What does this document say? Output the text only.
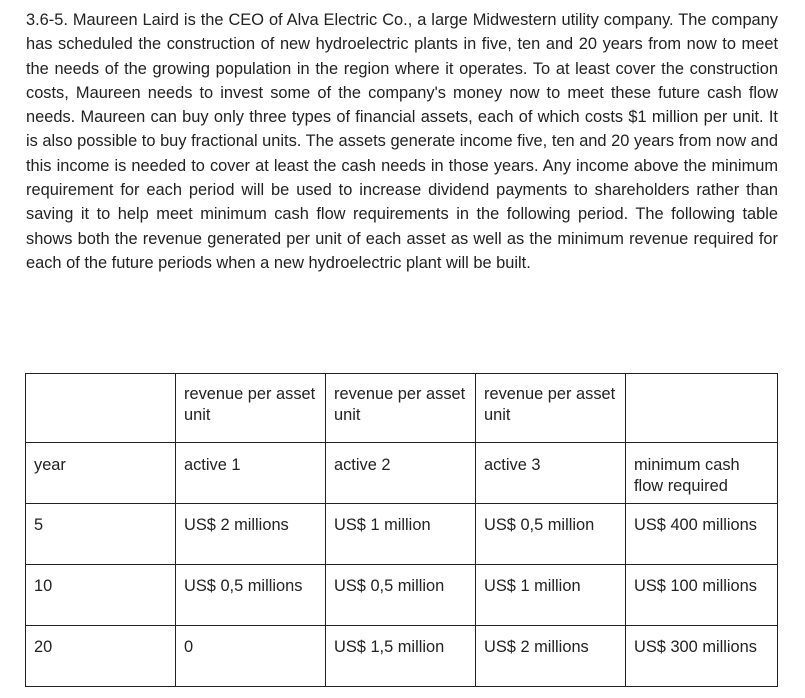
3.6-5. Maureen Laird is the CEO of Alva Electric Co., a large Midwestern utility company. The company has scheduled the construction of new hydroelectric plants in five, ten and 20 years from now to meet the needs of the growing population in the region where it operates. To at least cover the construction costs, Maureen needs to invest some of the company's money now to meet these future cash flow needs. Maureen can buy only three types of financial assets, each of which costs $1 million per unit. It is also possible to buy fractional units. The assets generate income five, ten and 20 years from now and this income is needed to cover at least the cash needs in those years. Any income above the minimum requirement for each period will be used to increase dividend payments to shareholders rather than saving it to help meet minimum cash flow requirements in the following period. The following table shows both the revenue generated per unit of each asset as well as the minimum revenue required for each of the future periods when a new hydroelectric plant will be built.

	revenue per asset unit	revenue per asset unit	revenue per asset unit	
year	active 1	active 2	active 3	minimum cash flow required
5	US$ 2 millions	US$ 1 million	US$ 0,5 million	US$ 400 millions
10	US$ 0,5 millions	US$ 0,5 million	US$ 1 million	US$ 100 millions
20	0	US$ 1,5 million	US$ 2 millions	US$ 300 millions
